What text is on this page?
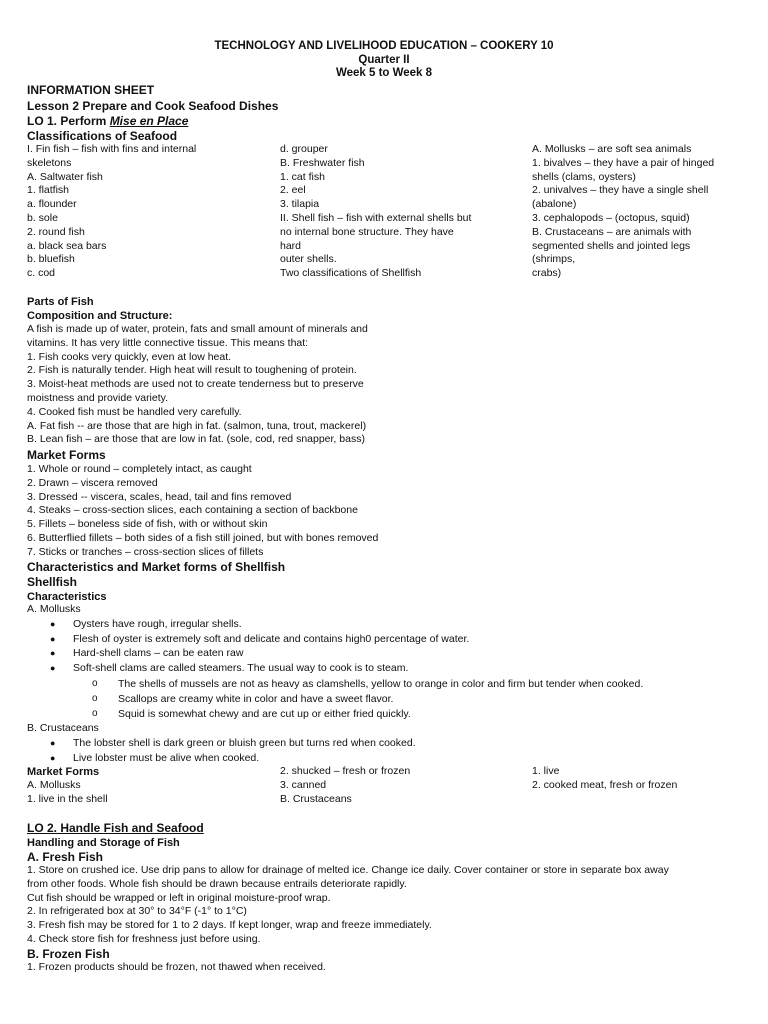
TECHNOLOGY AND LIVELIHOOD EDUCATION – COOKERY 10
Quarter II
Week 5 to Week 8
INFORMATION SHEET
Lesson 2 Prepare and Cook Seafood Dishes
LO 1. Perform Mise en Place
Classifications of Seafood
I. Fin fish – fish with fins and internal
skeletons
A. Saltwater fish
1. flatfish
a. flounder
b. sole
2. round fish
a. black sea bars
b. bluefish
c. cod
d. grouper
B. Freshwater fish
1. cat fish
2. eel
3. tilapia
II. Shell fish – fish with external shells but
no internal bone structure. They have
hard
outer shells.
Two classifications of Shellfish
A. Mollusks – are soft sea animals
1. bivalves – they have a pair of hinged
shells (clams, oysters)
2. univalves – they have a single shell
(abalone)
3. cephalopods – (octopus, squid)
B. Crustaceans – are animals with
segmented shells and jointed legs
(shrimps,
crabs)
Parts of Fish
Composition and Structure:
A fish is made up of water, protein, fats and small amount of minerals and
vitamins. It has very little connective tissue. This means that:
1. Fish cooks very quickly, even at low heat.
2. Fish is naturally tender. High heat will result to toughening of protein.
3. Moist-heat methods are used not to create tenderness but to preserve
moistness and provide variety.
4. Cooked fish must be handled very carefully.
A. Fat fish -- are those that are high in fat. (salmon, tuna, trout, mackerel)
B. Lean fish – are those that are low in fat. (sole, cod, red snapper, bass)
Market Forms
1. Whole or round – completely intact, as caught
2. Drawn – viscera removed
3. Dressed -- viscera, scales, head, tail and fins removed
4. Steaks – cross-section slices, each containing a section of backbone
5. Fillets – boneless side of fish, with or without skin
6. Butterflied fillets – both sides of a fish still joined, but with bones removed
7. Sticks or tranches – cross-section slices of fillets
Characteristics and Market forms of Shellfish
Shellfish
Characteristics
A. Mollusks
●	Oysters have rough, irregular shells.
●	Flesh of oyster is extremely soft and delicate and contains high0 percentage of water.
●	Hard-shell clams – can be eaten raw
●	Soft-shell clams are called steamers. The usual way to cook is to steam.
o	The shells of mussels are not as heavy as clamshells, yellow to orange in color and firm but tender when cooked.
o	Scallops are creamy white in color and have a sweet flavor.
o	Squid is somewhat chewy and are cut up or either fried quickly.
B. Crustaceans
●	The lobster shell is dark green or bluish green but turns red when cooked.
●	Live lobster must be alive when cooked.
Market Forms
A. Mollusks
1. live in the shell
2. shucked – fresh or frozen
3. canned
B. Crustaceans
1. live
2. cooked meat, fresh or frozen
LO 2. Handle Fish and Seafood
Handling and Storage of Fish
A. Fresh Fish
1. Store on crushed ice. Use drip pans to allow for drainage of melted ice. Change ice daily. Cover container or store in separate box away
from other foods. Whole fish should be drawn because entrails deteriorate rapidly.
Cut fish should be wrapped or left in original moisture-proof wrap.
2. In refrigerated box at 30° to 34°F (-1° to 1°C)
3. Fresh fish may be stored for 1 to 2 days. If kept longer, wrap and freeze immediately.
4. Check store fish for freshness just before using.
B. Frozen Fish
1. Frozen products should be frozen, not thawed when received.
